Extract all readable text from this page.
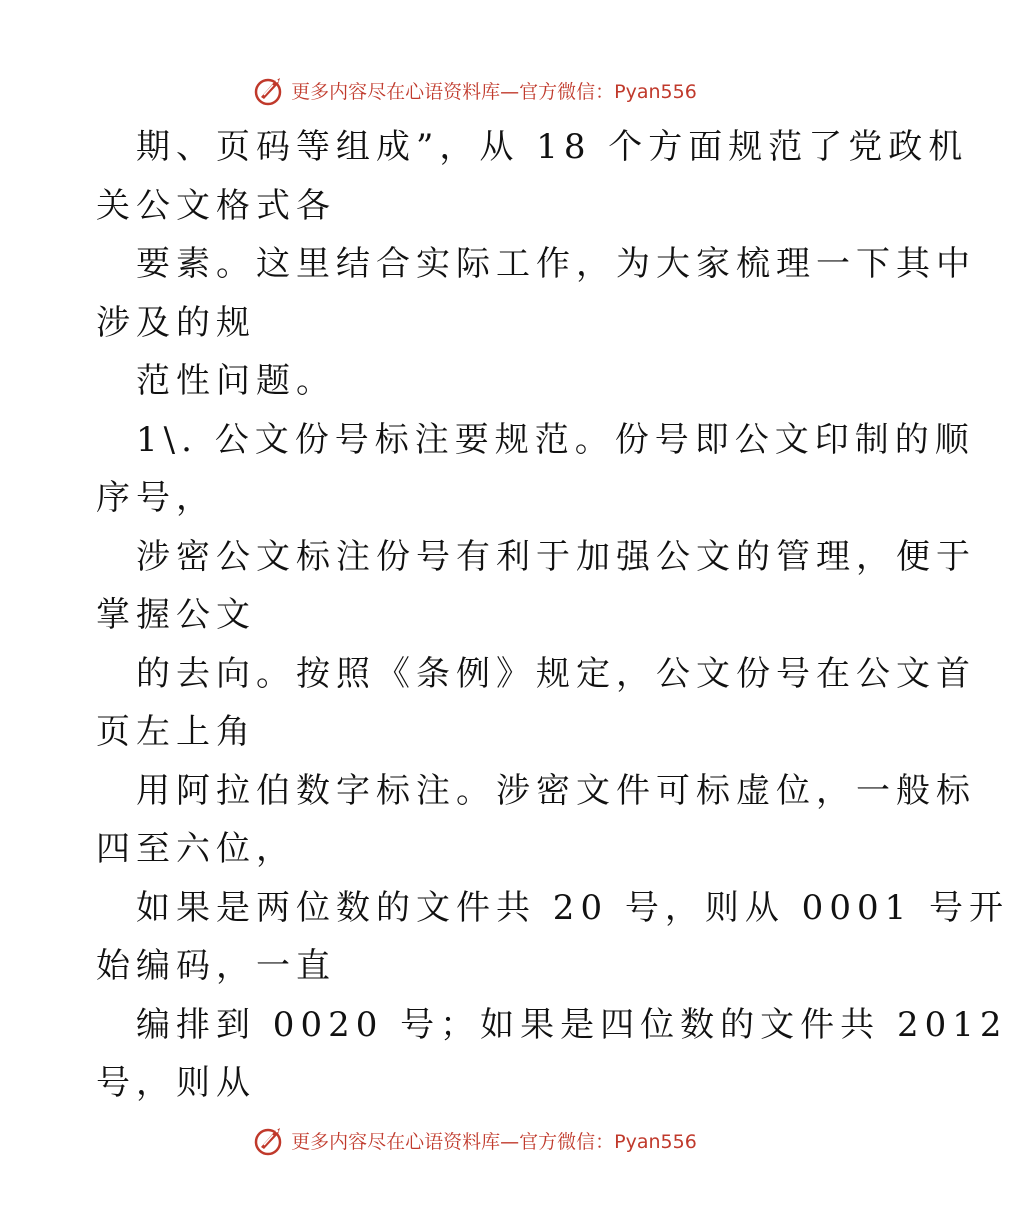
更多内容尽在心语资料库—官方微信：Pyan556
期、页码等组成”，从 18 个方面规范了党政机
关公文格式各
要素。这里结合实际工作，为大家梳理一下其中
涉及的规
范性问题。
1\. 公文份号标注要规范。份号即公文印制的顺
序号，
涉密公文标注份号有利于加强公文的管理，便于
掌握公文
的去向。按照《条例》规定，公文份号在公文首
页左上角
用阿拉伯数字标注。涉密文件可标虚位，一般标
四至六位，
如果是两位数的文件共 20 号，则从 0001 号开
始编码，一直
编排到 0020 号；如果是四位数的文件共 2012
号，则从
更多内容尽在心语资料库—官方微信：Pyan556
